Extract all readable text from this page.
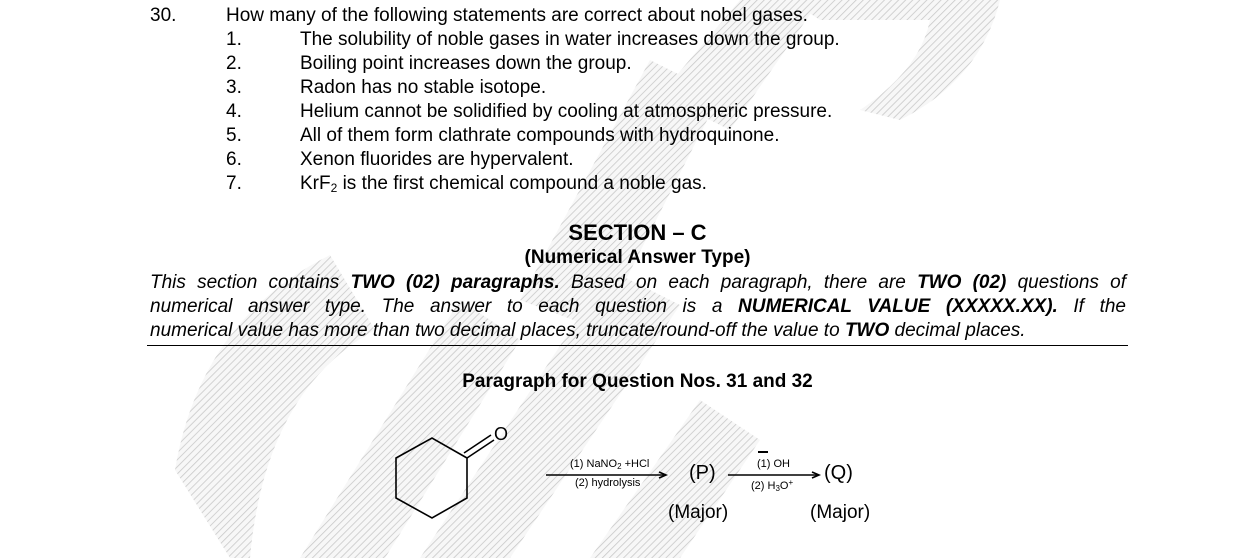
30.	How many of the following statements are correct about nobel gases.
1.	The solubility of noble gases in water increases down the group.
2.	Boiling point increases down the group.
3.	Radon has no stable isotope.
4.	Helium cannot be solidified by cooling at atmospheric pressure.
5.	All of them form clathrate compounds with hydroquinone.
6.	Xenon fluorides are hypervalent.
7.	KrF$_2$ is the first chemical compound a noble gas.
SECTION – C
(Numerical Answer Type)
This section contains TWO (02) paragraphs. Based on each paragraph, there are TWO (02) questions of
numerical answer type. The answer to each question is a NUMERICAL VALUE (XXXXX.XX). If the
numerical value has more than two decimal places, truncate/round-off the value to TWO decimal places.
Paragraph for Question Nos. 31 and 32
O
(1) NaNO$_2$ +HCl
(2) hydrolysis (P)	(1) OH
(2) $H_3O^+$ (Q)
(Major)	(Major)
